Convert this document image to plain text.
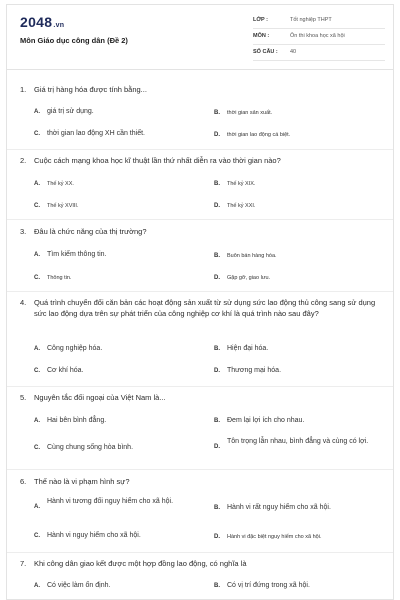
2048.vn
Môn Giáo dục công dân (Đề 2)
LỚP :	Tốt nghiệp THPT
MÔN :	Ôn thi khoa học xã hội
SỐ CÂU : 40
1. Giá trị hàng hóa được tính bằng...
A. giá trị sử dụng.	B. thời gian sản xuất.
C. thời gian lao động XH cần thiết.	D. thời gian lao động cá biệt.
2. Cuộc cách mạng khoa học kĩ thuật lần thứ nhất diễn ra vào thời gian nào?
A. Thế kỷ XX.	B. Thế kỷ XIX.
C. Thế kỷ XVIII.	D. Thế kỷ XXI.
3. Đâu là chức năng của thị trường?
A. Tìm kiếm thông tin.	B. Buôn bán hàng hóa.
C. Thông tin.	D. Gặp gỡ, giao lưu.
4. Quá trình chuyển đổi căn bản các hoạt động sản xuất từ sử dụng sức lao động thủ công sang sử dụng sức lao động dựa trên sự phát triển của công nghiệp cơ khí là quá trình nào sau đây?
A. Công nghiệp hóa.	B. Hiện đại hóa.
C. Cơ khí hóa.	D. Thương mại hóa.
5. Nguyên tắc đối ngoại của Việt Nam là...
A. Hai bên bình đẳng.	B. Đem lại lợi ích cho nhau.
C. Cùng chung sống hòa bình.	D.
Tôn trọng lẫn nhau, bình đẳng và cùng có lợi.
6. Thế nào là vi phạm hình sự?
A.
Hành vi tương đối nguy hiểm cho xã hội.
B. Hành vi rất nguy hiểm cho xã hội.
C. Hành vi nguy hiểm cho xã hội.	D. Hành vi đặc biệt nguy hiểm cho xã hội.
7. Khi công dân giao kết được một hợp đồng lao động, có nghĩa là
A. Có việc làm ổn định.	B. Có vị trí đứng trong xã hội.
